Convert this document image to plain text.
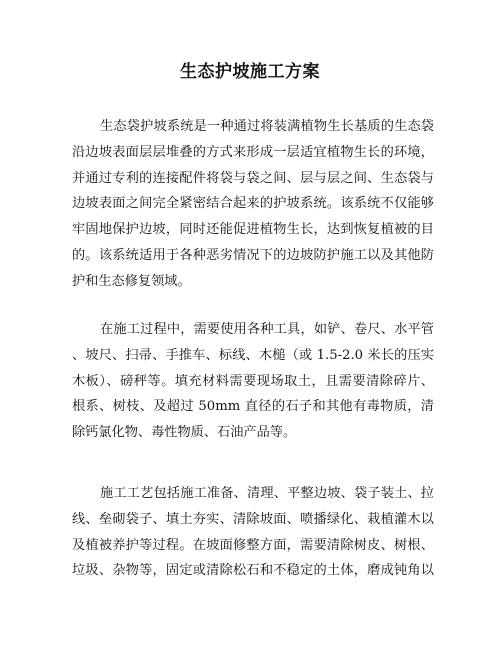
生态护坡施工方案
生态袋护坡系统是一种通过将装满植物生长基质的生态袋
沿边坡表面层层堆叠的方式来形成一层适宜植物生长的环境，
并通过专利的连接配件将袋与袋之间、层与层之间、生态袋与
边坡表面之间完全紧密结合起来的护坡系统。该系统不仅能够
牢固地保护边坡，同时还能促进植物生长，达到恢复植被的目
的。该系统适用于各种恶劣情况下的边坡防护施工以及其他防
护和生态修复领域。
在施工过程中，需要使用各种工具，如铲、卷尺、水平管
、坡尺、扫帚、手推车、标线、木槌（或 1.5-2.0 米长的压实
木板）、磅秤等。填充材料需要现场取土，且需要清除碎片、
根系、树枝、及超过 50mm 直径的石子和其他有毒物质，清
除钙氯化物、毒性物质、石油产品等。
施工工艺包括施工准备、清理、平整边坡、袋子装土、拉
线、垒砌袋子、填土夯实、清除坡面、喷播绿化、栽植灌木以
及植被养护等过程。在坡面修整方面，需要清除树皮、树根、
垃圾、杂物等，固定或清除松石和不稳定的土体，磨成钝角以
